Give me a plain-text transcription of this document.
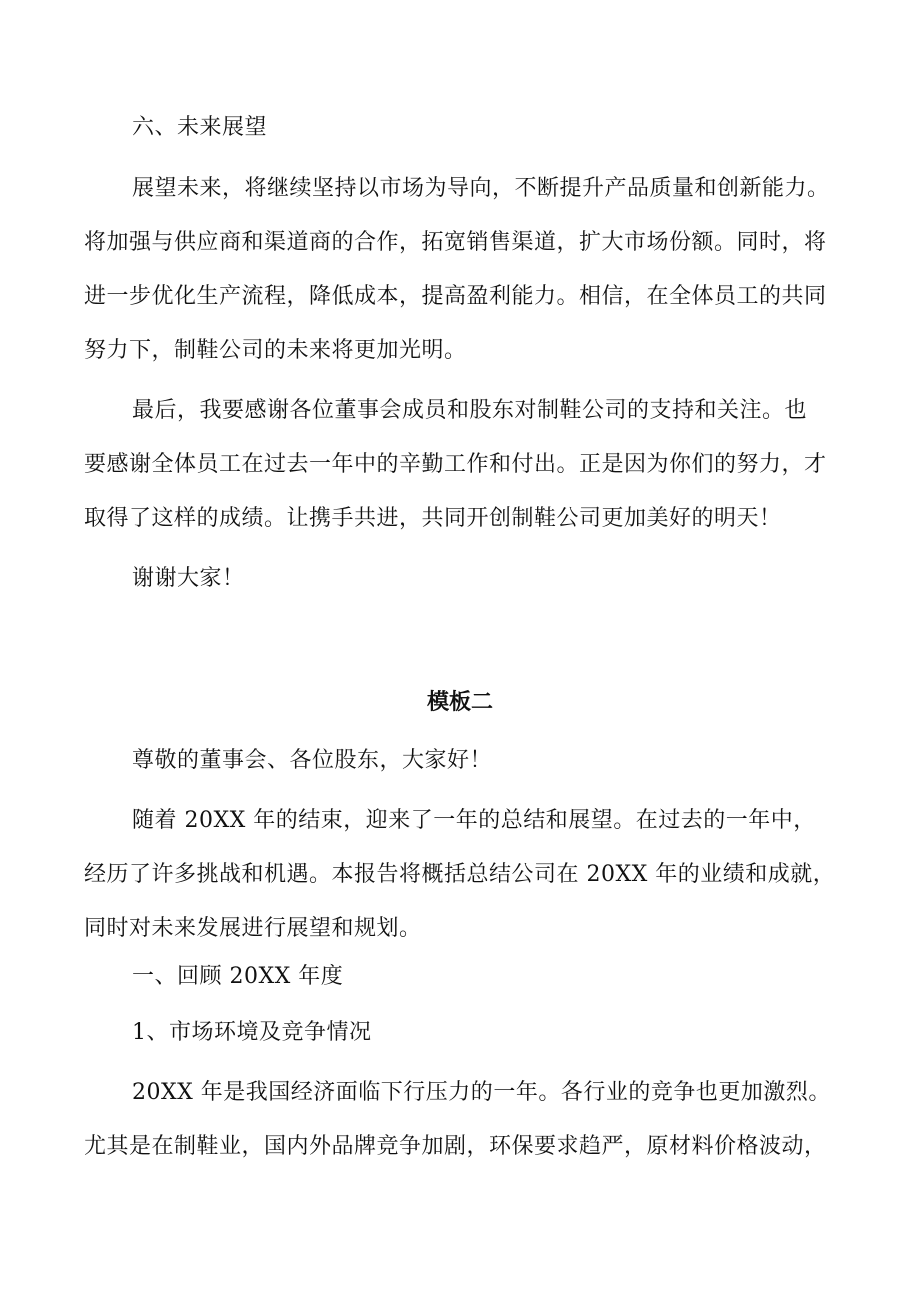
六、未来展望
展望未来，将继续坚持以市场为导向，不断提升产品质量和创新能力。
将加强与供应商和渠道商的合作，拓宽销售渠道，扩大市场份额。同时，将
进一步优化生产流程，降低成本，提高盈利能力。相信，在全体员工的共同
努力下，制鞋公司的未来将更加光明。
最后，我要感谢各位董事会成员和股东对制鞋公司的支持和关注。也
要感谢全体员工在过去一年中的辛勤工作和付出。正是因为你们的努力，才
取得了这样的成绩。让携手共进，共同开创制鞋公司更加美好的明天！
谢谢大家！
模板二
尊敬的董事会、各位股东，大家好！
随着 20XX 年的结束，迎来了一年的总结和展望。在过去的一年中，
经历了许多挑战和机遇。本报告将概括总结公司在 20XX 年的业绩和成就，
同时对未来发展进行展望和规划。
一、回顾 20XX 年度
1、市场环境及竞争情况
20XX 年是我国经济面临下行压力的一年。各行业的竞争也更加激烈。
尤其是在制鞋业，国内外品牌竞争加剧，环保要求趋严，原材料价格波动，
